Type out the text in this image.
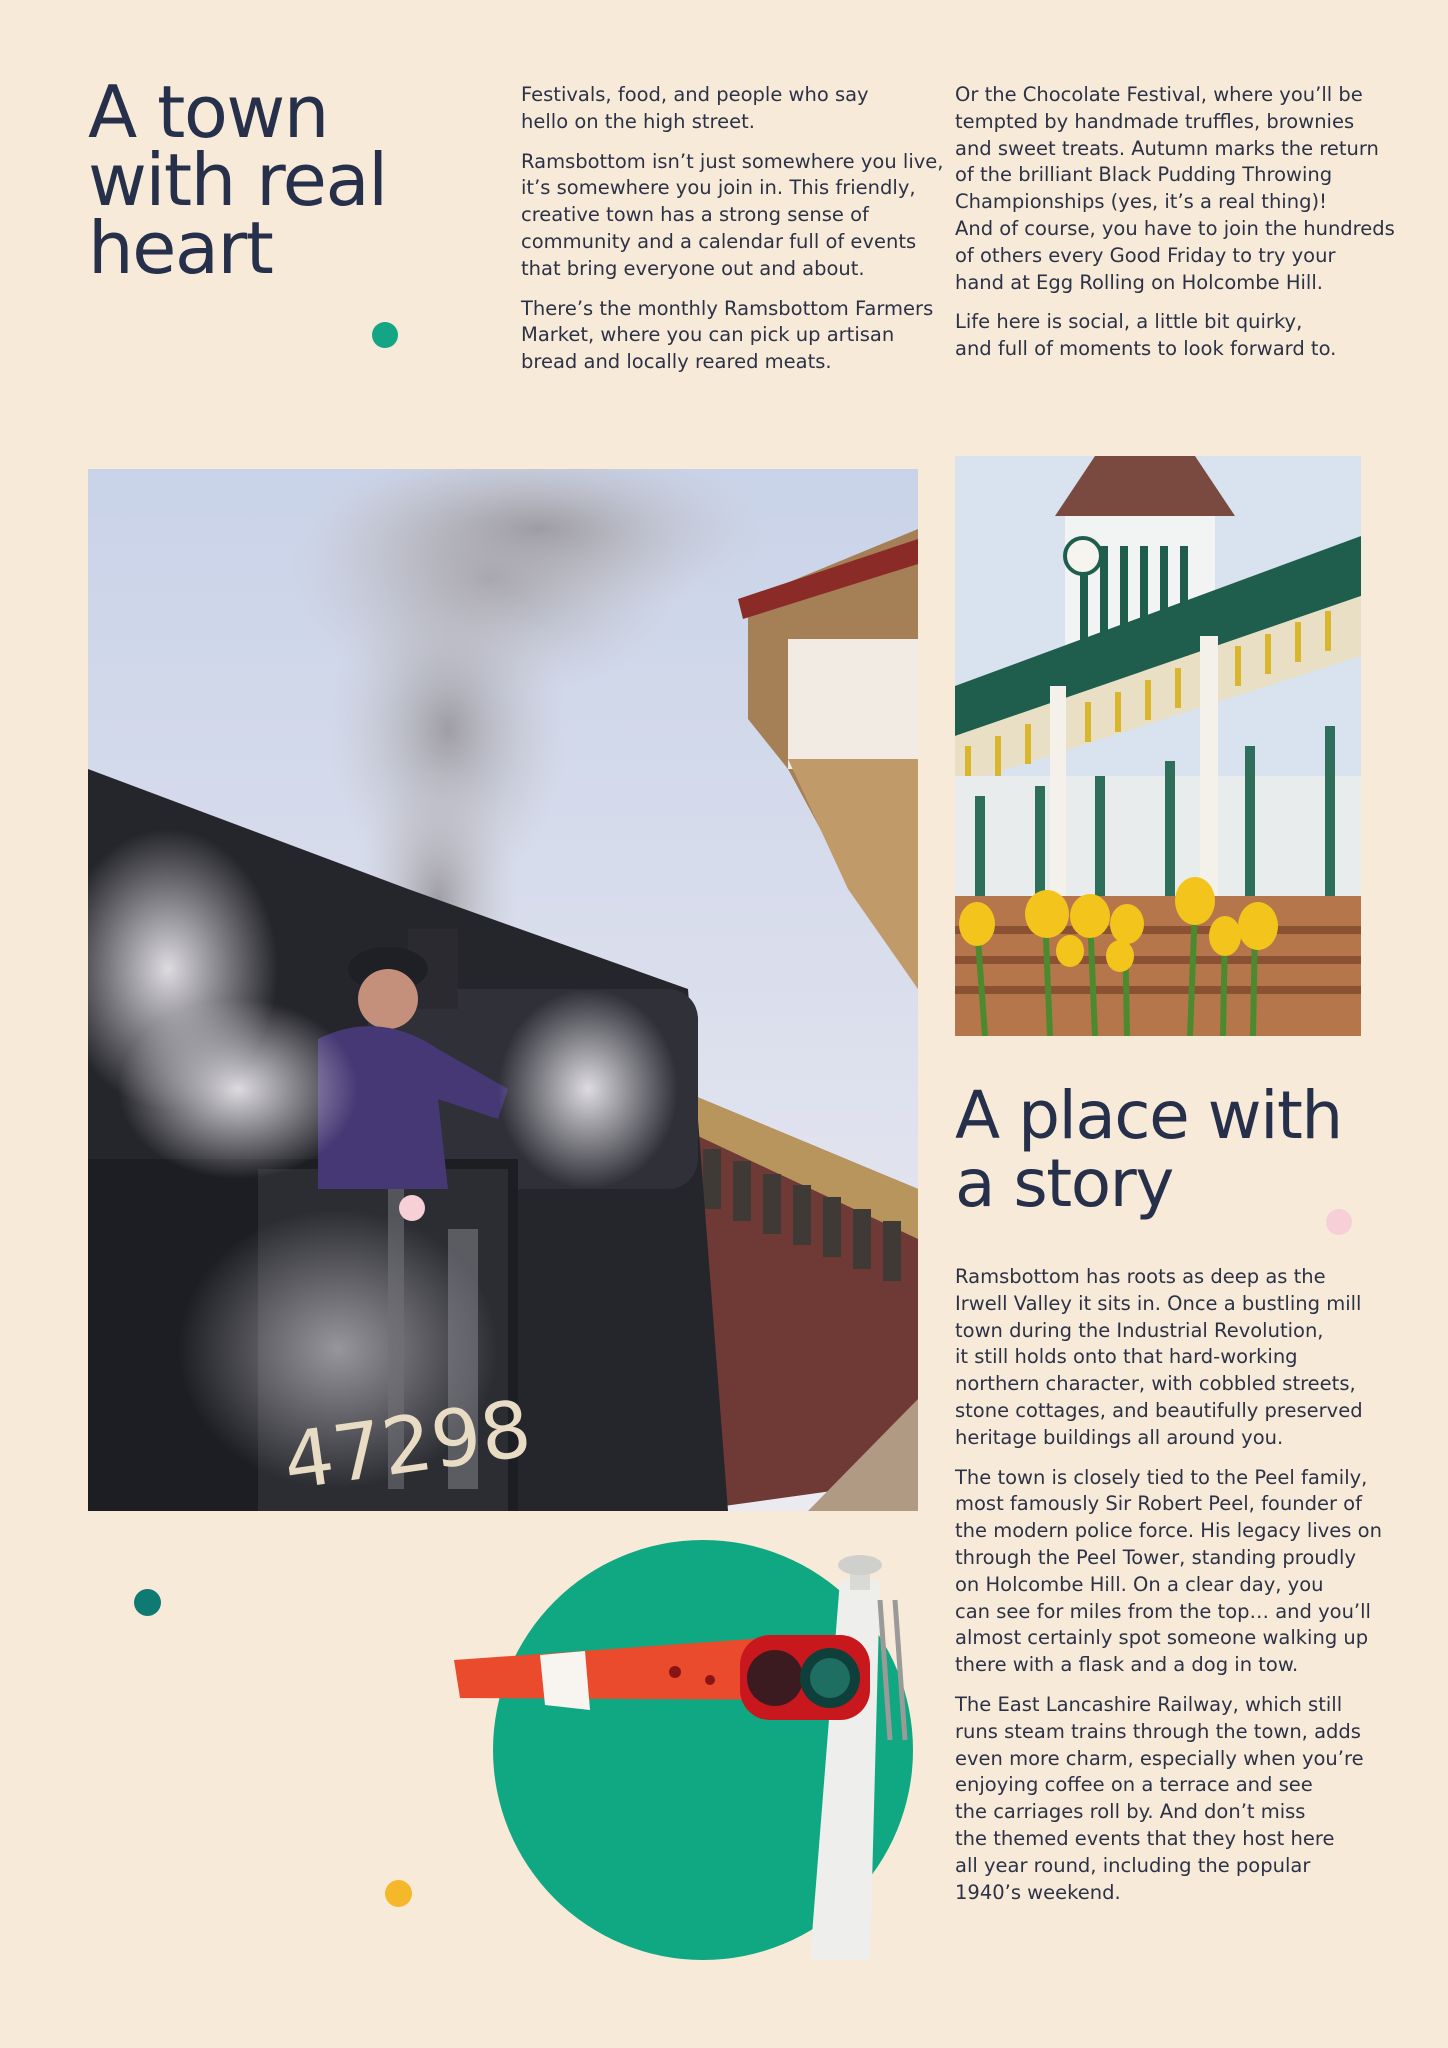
A town
with real
heart

Festivals, food, and people who say
hello on the high street.

Ramsbottom isn’t just somewhere you live,
it’s somewhere you join in. This friendly,
creative town has a strong sense of
community and a calendar full of events
that bring everyone out and about.

There’s the monthly Ramsbottom Farmers
Market, where you can pick up artisan
bread and locally reared meats.

Or the Chocolate Festival, where you’ll be
tempted by handmade truffles, brownies
and sweet treats. Autumn marks the return
of the brilliant Black Pudding Throwing
Championships (yes, it’s a real thing)!
And of course, you have to join the hundreds
of others every Good Friday to try your
hand at Egg Rolling on Holcombe Hill.

Life here is social, a little bit quirky,
and full of moments to look forward to.

47298
A place with
a story

Ramsbottom has roots as deep as the
Irwell Valley it sits in. Once a bustling mill
town during the Industrial Revolution,
it still holds onto that hard-working
northern character, with cobbled streets,
stone cottages, and beautifully preserved
heritage buildings all around you.

The town is closely tied to the Peel family,
most famously Sir Robert Peel, founder of
the modern police force. His legacy lives on
through the Peel Tower, standing proudly
on Holcombe Hill. On a clear day, you
can see for miles from the top… and you’ll
almost certainly spot someone walking up
there with a flask and a dog in tow.

The East Lancashire Railway, which still
runs steam trains through the town, adds
even more charm, especially when you’re
enjoying coffee on a terrace and see
the carriages roll by. And don’t miss
the themed events that they host here
all year round, including the popular
1940’s weekend.
